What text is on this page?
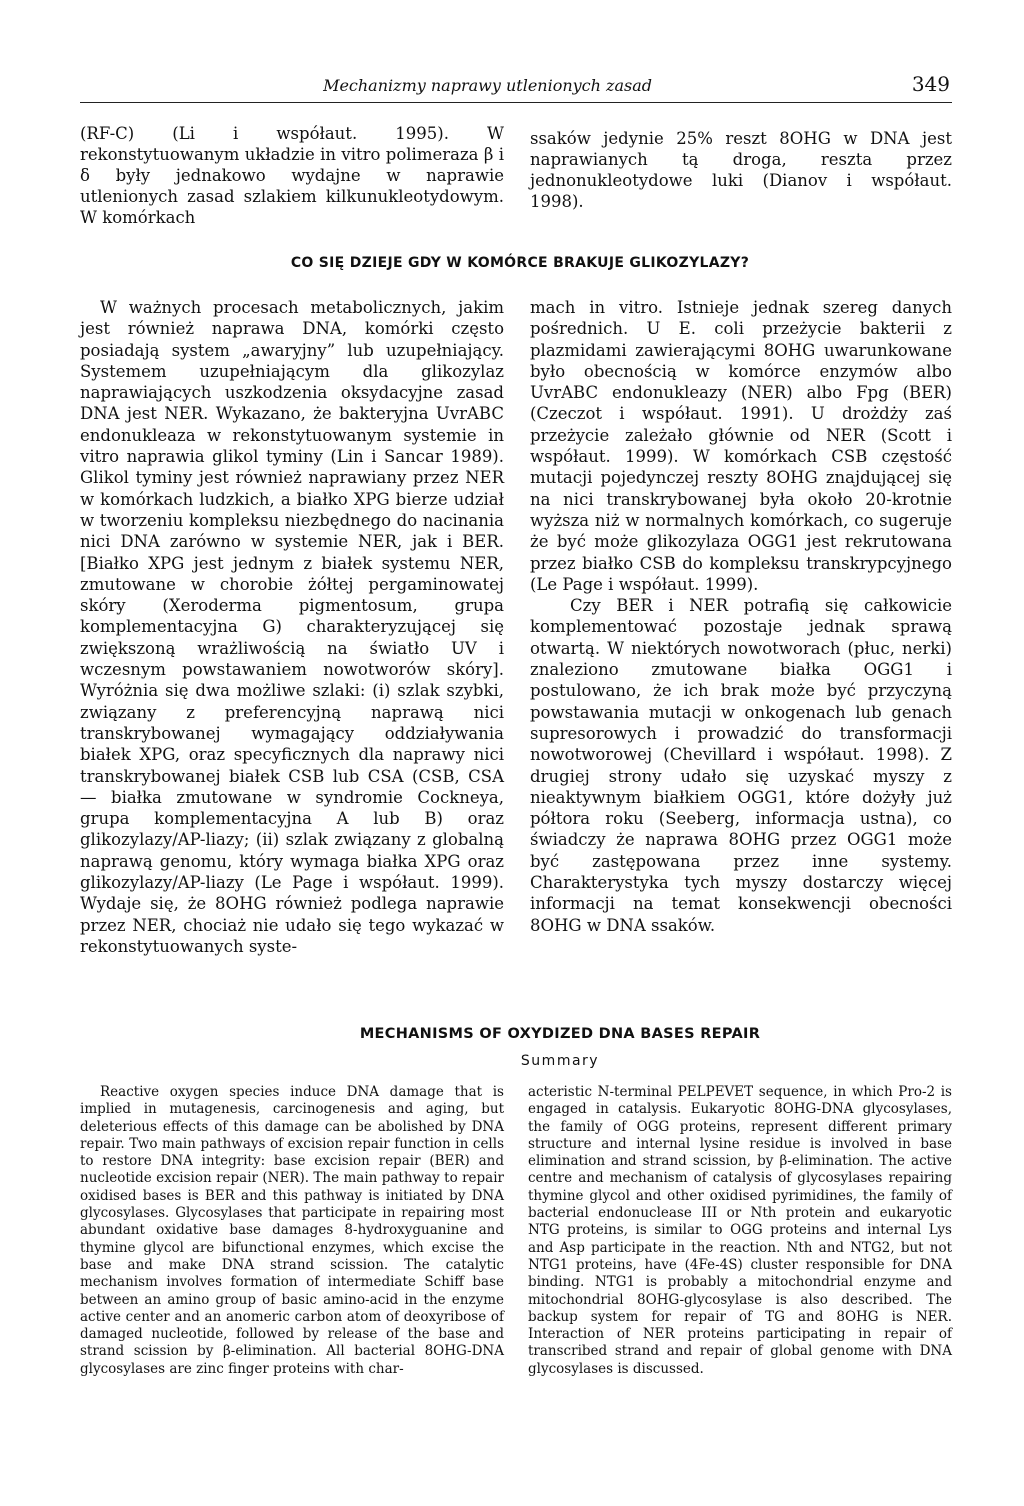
Mechanizmy naprawy utlenionych zasad	349

(RF-C) (Li i współaut. 1995). W rekonstytuowanym układzie in vitro polimeraza β i δ były jednakowo wydajne w naprawie utlenionych zasad szlakiem kilkunukleotydowym. W komórkach

ssaków jedynie 25% reszt 8OHG w DNA jest naprawianych tą droga, reszta przez jednonukleotydowe luki (Dianov i współaut. 1998).

CO SIĘ DZIEJE GDY W KOMÓRCE BRAKUJE GLIKOZYLAZY?

W ważnych procesach metabolicznych, jakim jest również naprawa DNA, komórki często posiadają system „awaryjny” lub uzupełniający. Systemem uzupełniającym dla glikozylaz naprawiających uszkodzenia oksydacyjne zasad DNA jest NER. Wykazano, że bakteryjna UvrABC endonukleaza w rekonstytuowanym systemie in vitro naprawia glikol tyminy (Lin i Sancar 1989). Glikol tyminy jest również naprawiany przez NER w komórkach ludzkich, a białko XPG bierze udział w tworzeniu kompleksu niezbędnego do nacinania nici DNA zarówno w systemie NER, jak i BER. [Białko XPG jest jednym z białek systemu NER, zmutowane w chorobie żółtej pergaminowatej skóry (Xeroderma pigmentosum, grupa komplementacyjna G) charakteryzującej się zwiększoną wrażliwością na światło UV i wczesnym powstawaniem nowotworów skóry]. Wyróżnia się dwa możliwe szlaki: (i) szlak szybki, związany z preferencyjną naprawą nici transkrybowanej wymagający oddziaływania białek XPG, oraz specyficznych dla naprawy nici transkrybowanej białek CSB lub CSA (CSB, CSA — białka zmutowane w syndromie Cockneya, grupa komplementacyjna A lub B) oraz glikozylazy/AP-liazy; (ii) szlak związany z globalną naprawą genomu, który wymaga białka XPG oraz glikozylazy/AP-liazy (Le Page i współaut. 1999). Wydaje się, że 8OHG również podlega naprawie przez NER, chociaż nie udało się tego wykazać w rekonstytuowanych syste-

mach in vitro. Istnieje jednak szereg danych pośrednich. U E. coli przeżycie bakterii z plazmidami zawierającymi 8OHG uwarunkowane było obecnością w komórce enzymów albo UvrABC endonukleazy (NER) albo Fpg (BER) (Czeczot i współaut. 1991). U drożdży zaś przeżycie zależało głównie od NER (Scott i współaut. 1999). W komórkach CSB częstość mutacji pojedynczej reszty 8OHG znajdującej się na nici transkrybowanej była około 20-krotnie wyższa niż w normalnych komórkach, co sugeruje że być może glikozylaza OGG1 jest rekrutowana przez białko CSB do kompleksu transkrypcyjnego (Le Page i współaut. 1999).

Czy BER i NER potrafią się całkowicie komplementować pozostaje jednak sprawą otwartą. W niektórych nowotworach (płuc, nerki) znaleziono zmutowane białka OGG1 i postulowano, że ich brak może być przyczyną powstawania mutacji w onkogenach lub genach supresorowych i prowadzić do transformacji nowotworowej (Chevillard i współaut. 1998). Z drugiej strony udało się uzyskać myszy z nieaktywnym białkiem OGG1, które dożyły już półtora roku (Seeberg, informacja ustna), co świadczy że naprawa 8OHG przez OGG1 może być zastępowana przez inne systemy. Charakterystyka tych myszy dostarczy więcej informacji na temat konsekwencji obecności 8OHG w DNA ssaków.

MECHANISMS OF OXYDIZED DNA BASES REPAIR
Summary

Reactive oxygen species induce DNA damage that is implied in mutagenesis, carcinogenesis and aging, but deleterious effects of this damage can be abolished by DNA repair. Two main pathways of excision repair function in cells to restore DNA integrity: base excision repair (BER) and nucleotide excision repair (NER). The main pathway to repair oxidised bases is BER and this pathway is initiated by DNA glycosylases. Glycosylases that participate in repairing most abundant oxidative base damages 8-hydroxyguanine and thymine glycol are bifunctional enzymes, which excise the base and make DNA strand scission. The catalytic mechanism involves formation of intermediate Schiff base between an amino group of basic amino-acid in the enzyme active center and an anomeric carbon atom of deoxyribose of damaged nucleotide, followed by release of the base and strand scission by β-elimination. All bacterial 8OHG-DNA glycosylases are zinc finger proteins with char-

acteristic N-terminal PELPEVET sequence, in which Pro-2 is engaged in catalysis. Eukaryotic 8OHG-DNA glycosylases, the family of OGG proteins, represent different primary structure and internal lysine residue is involved in base elimination and strand scission, by β-elimination. The active centre and mechanism of catalysis of glycosylases repairing thymine glycol and other oxidised pyrimidines, the family of bacterial endonuclease III or Nth protein and eukaryotic NTG proteins, is similar to OGG proteins and internal Lys and Asp participate in the reaction. Nth and NTG2, but not NTG1 proteins, have (4Fe-4S) cluster responsible for DNA binding. NTG1 is probably a mitochondrial enzyme and mitochondrial 8OHG-glycosylase is also described. The backup system for repair of TG and 8OHG is NER. Interaction of NER proteins participating in repair of transcribed strand and repair of global genome with DNA glycosylases is discussed.
